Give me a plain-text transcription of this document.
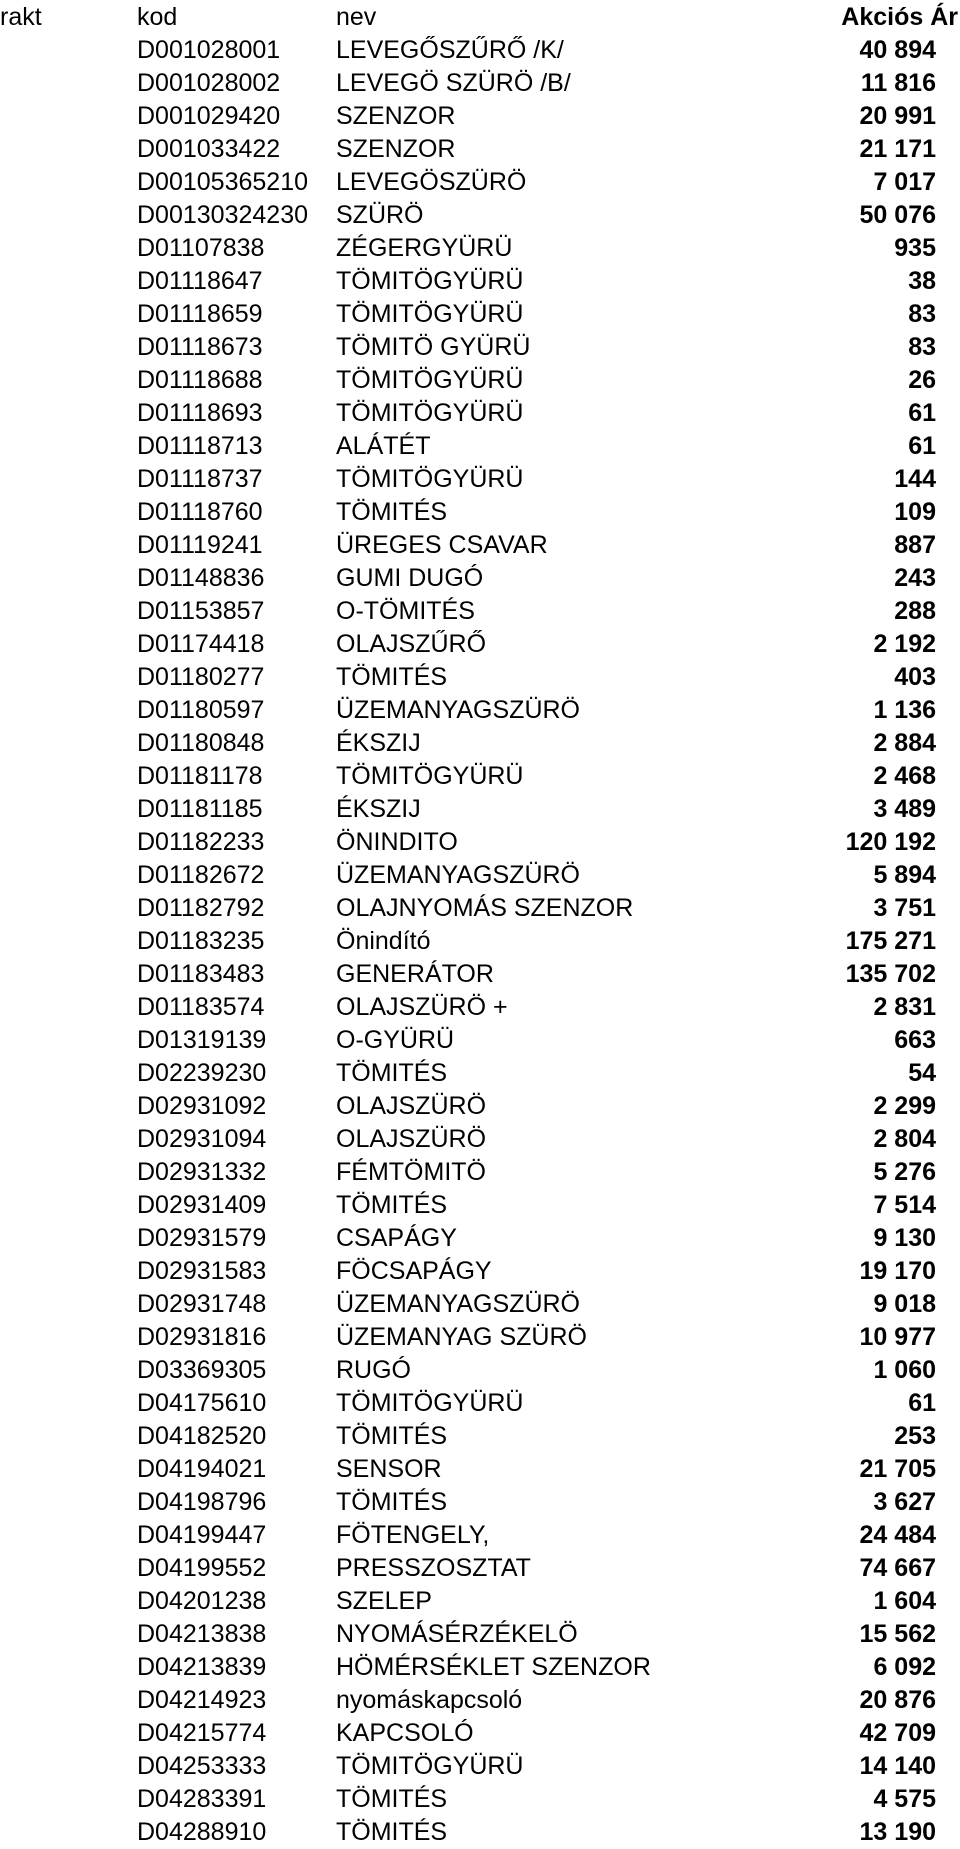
rakt	kod	nev	Akciós Ár
D001028001 LEVEGŐSZŰRŐ /K/	40 894
D001028002 LEVEGÖ SZÜRÖ /B/	11 816
D001029420 SZENZOR	20 991
D001033422 SZENZOR	21 171
D00105365210 LEVEGÖSZÜRÖ	7 017
D00130324230 SZÜRÖ	50 076
D01107838	ZÉGERGYÜRÜ	935
D01118647	TÖMITÖGYÜRÜ	38
D01118659	TÖMITÖGYÜRÜ	83
D01118673	TÖMITÖ GYÜRÜ	83
D01118688	TÖMITÖGYÜRÜ	26
D01118693	TÖMITÖGYÜRÜ	61
D01118713	ALÁTÉT	61
D01118737	TÖMITÖGYÜRÜ	144
D01118760	TÖMITÉS	109
D01119241	ÜREGES CSAVAR	887
D01148836	GUMI DUGÓ	243
D01153857	O-TÖMITÉS	288
D01174418	OLAJSZŰRŐ	2 192
D01180277	TÖMITÉS	403
D01180597	ÜZEMANYAGSZÜRÖ	1 136
D01180848	ÉKSZIJ	2 884
D01181178	TÖMITÖGYÜRÜ	2 468
D01181185	ÉKSZIJ	3 489
D01182233	ÖNINDITO	120 192
D01182672	ÜZEMANYAGSZÜRÖ	5 894
D01182792	OLAJNYOMÁS SZENZOR	3 751
D01183235	Önindító	175 271
D01183483	GENERÁTOR	135 702
D01183574	OLAJSZÜRÖ +	2 831
D01319139	O-GYÜRÜ	663
D02239230	TÖMITÉS	54
D02931092	OLAJSZÜRÖ	2 299
D02931094	OLAJSZÜRÖ	2 804
D02931332	FÉMTÖMITÖ	5 276
D02931409	TÖMITÉS	7 514
D02931579	CSAPÁGY	9 130
D02931583	FÖCSAPÁGY	19 170
D02931748	ÜZEMANYAGSZÜRÖ	9 018
D02931816	ÜZEMANYAG SZÜRÖ	10 977
D03369305	RUGÓ	1 060
D04175610	TÖMITÖGYÜRÜ	61
D04182520	TÖMITÉS	253
D04194021	SENSOR	21 705
D04198796	TÖMITÉS	3 627
D04199447	FÖTENGELY,	24 484
D04199552	PRESSZOSZTAT	74 667
D04201238	SZELEP	1 604
D04213838	NYOMÁSÉRZÉKELÖ	15 562
D04213839	HÖMÉRSÉKLET SZENZOR	6 092
D04214923	nyomáskapcsoló	20 876
D04215774	KAPCSOLÓ	42 709
D04253333	TÖMITÖGYÜRÜ	14 140
D04283391	TÖMITÉS	4 575
D04288910	TÖMITÉS	13 190
